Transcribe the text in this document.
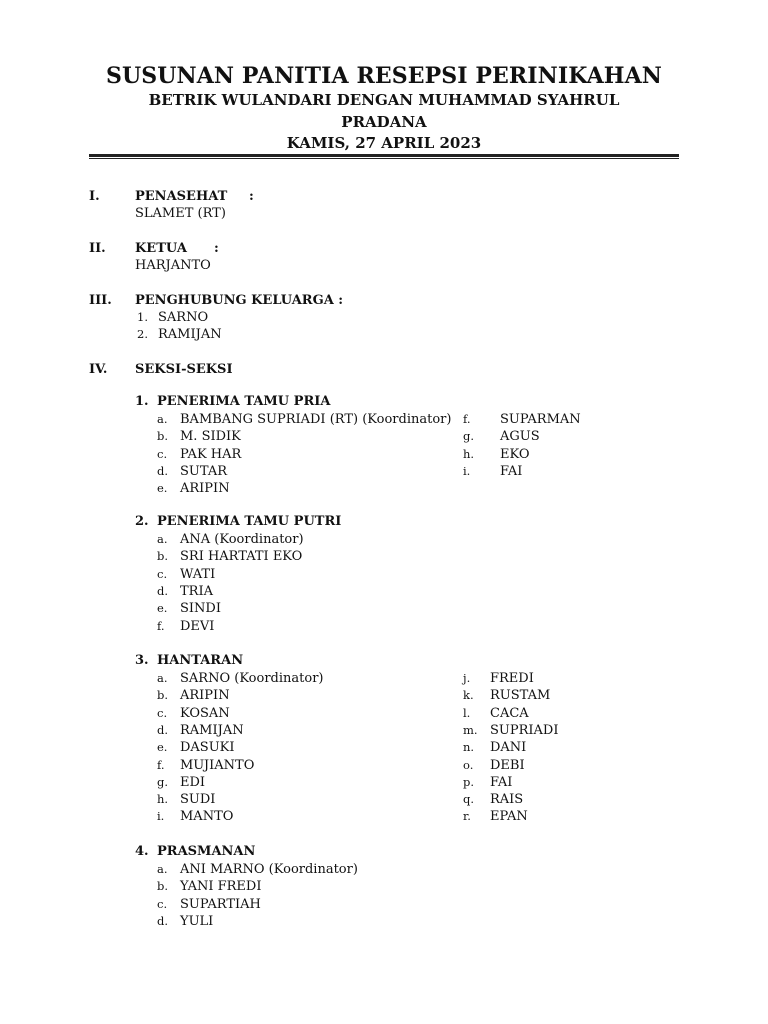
SUSUNAN PANITIA RESEPSI PERINIKAHAN
BETRIK WULANDARI DENGAN MUHAMMAD SYAHRUL
PRADANA
KAMIS, 27 APRIL 2023
I.	PENASEHAT :
SLAMET (RT)
II. KETUA :
HARJANTO
III. PENGHUBUNG KELUARGA :
1. SARNO
2. RAMIJAN
IV. SEKSI-SEKSI
1. PENERIMA TAMU PRIA
a. BAMBANG SUPRIADI (RT) (Koordinator)
b. M. SIDIK
c. PAK HAR
d. SUTAR
e. ARIPIN
f. SUPARMAN
g. AGUS
h. EKO
i. FAI
2. PENERIMA TAMU PUTRI
a. ANA (Koordinator)
b. SRI HARTATI EKO
c. WATI
d. TRIA
e. SINDI
f. DEVI
3. HANTARAN
a. SARNO (Koordinator)
b. ARIPIN
c. KOSAN
d. RAMIJAN
e. DASUKI
f. MUJIANTO
g. EDI
h. SUDI
i. MANTO
j. FREDI
k. RUSTAM
l. CACA
m. SUPRIADI
n. DANI
o. DEBI
p. FAI
q. RAIS
r. EPAN
4. PRASMANAN
a. ANI MARNO (Koordinator)
b. YANI FREDI
c. SUPARTIAH
d. YULI
